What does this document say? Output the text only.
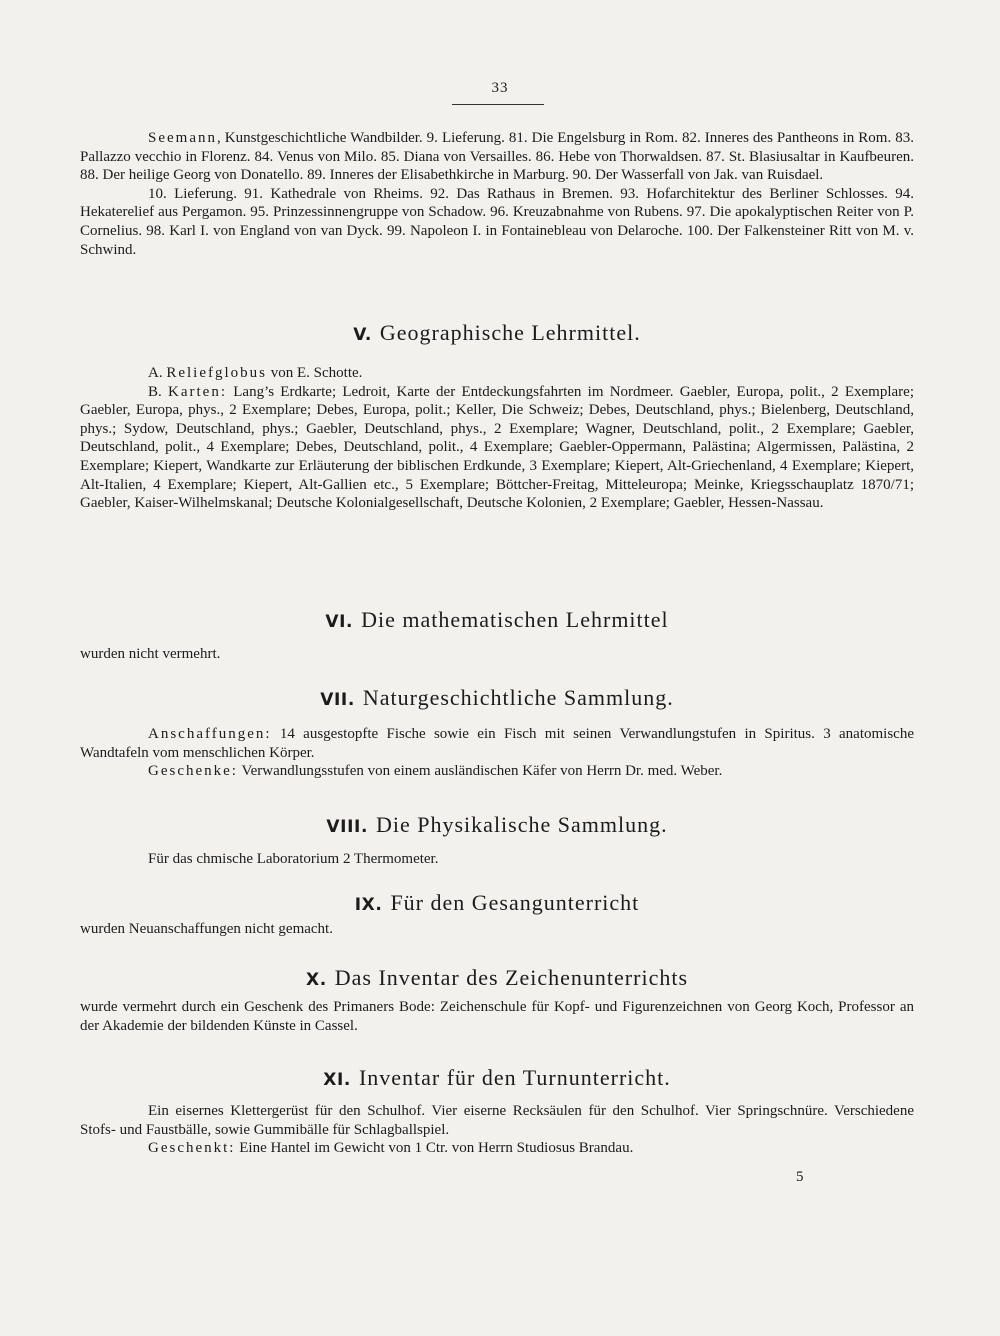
33

Seemann, Kunstgeschichtliche Wandbilder. 9. Lieferung. 81. Die Engelsburg in Rom. 82. Inneres des Pantheons in Rom. 83. Pallazzo vecchio in Florenz. 84. Venus von Milo. 85. Diana von Versailles. 86. Hebe von Thorwaldsen. 87. St. Blasiusaltar in Kaufbeuren. 88. Der heilige Georg von Donatello. 89. Inneres der Elisabethkirche in Marburg. 90. Der Wasserfall von Jak. van Ruisdael.

10. Lieferung. 91. Kathedrale von Rheims. 92. Das Rathaus in Bremen. 93. Hofarchitektur des Berliner Schlosses. 94. Hekaterelief aus Pergamon. 95. Prinzessinnengruppe von Schadow. 96. Kreuzabnahme von Rubens. 97. Die apokalyptischen Reiter von P. Cornelius. 98. Karl I. von England von van Dyck. 99. Napoleon I. in Fontainebleau von Delaroche. 100. Der Falkensteiner Ritt von M. v. Schwind.

V. Geographische Lehrmittel.

A. Reliefglobus von E. Schotte.

B. Karten: Lang’s Erdkarte; Ledroit, Karte der Entdeckungsfahrten im Nordmeer. Gaebler, Europa, polit., 2 Exemplare; Gaebler, Europa, phys., 2 Exemplare; Debes, Europa, polit.; Keller, Die Schweiz; Debes, Deutschland, phys.; Bielenberg, Deutschland, phys.; Sydow, Deutschland, phys.; Gaebler, Deutschland, phys., 2 Exemplare; Wagner, Deutschland, polit., 2 Exemplare; Gaebler, Deutschland, polit., 4 Exemplare; Debes, Deutschland, polit., 4 Exemplare; Gaebler-Oppermann, Palästina; Algermissen, Palästina, 2 Exemplare; Kiepert, Wandkarte zur Erläuterung der biblischen Erdkunde, 3 Exemplare; Kiepert, Alt-Griechenland, 4 Exemplare; Kiepert, Alt-Italien, 4 Exemplare; Kiepert, Alt-Gallien etc., 5 Exemplare; Böttcher-Freitag, Mitteleuropa; Meinke, Kriegsschauplatz 1870/71; Gaebler, Kaiser-Wilhelmskanal; Deutsche Kolonialgesellschaft, Deutsche Kolonien, 2 Exemplare; Gaebler, Hessen-Nassau.

VI. Die mathematischen Lehrmittel

wurden nicht vermehrt.

VII. Naturgeschichtliche Sammlung.

Anschaffungen: 14 ausgestopfte Fische sowie ein Fisch mit seinen Verwandlungstufen in Spiritus. 3 anatomische Wandtafeln vom menschlichen Körper.

Geschenke: Verwandlungsstufen von einem ausländischen Käfer von Herrn Dr. med. Weber.

VIII. Die Physikalische Sammlung.

Für das chmische Laboratorium 2 Thermometer.

IX. Für den Gesangunterricht

wurden Neuanschaffungen nicht gemacht.

X. Das Inventar des Zeichenunterrichts

wurde vermehrt durch ein Geschenk des Primaners Bode: Zeichenschule für Kopf- und Figurenzeichnen von Georg Koch, Professor an der Akademie der bildenden Künste in Cassel.

XI. Inventar für den Turnunterricht.

Ein eisernes Klettergerüst für den Schulhof. Vier eiserne Recksäulen für den Schulhof. Vier Springschnüre. Verschiedene Stofs- und Faustbälle, sowie Gummibälle für Schlagballspiel.

Geschenkt: Eine Hantel im Gewicht von 1 Ctr. von Herrn Studiosus Brandau.

5
